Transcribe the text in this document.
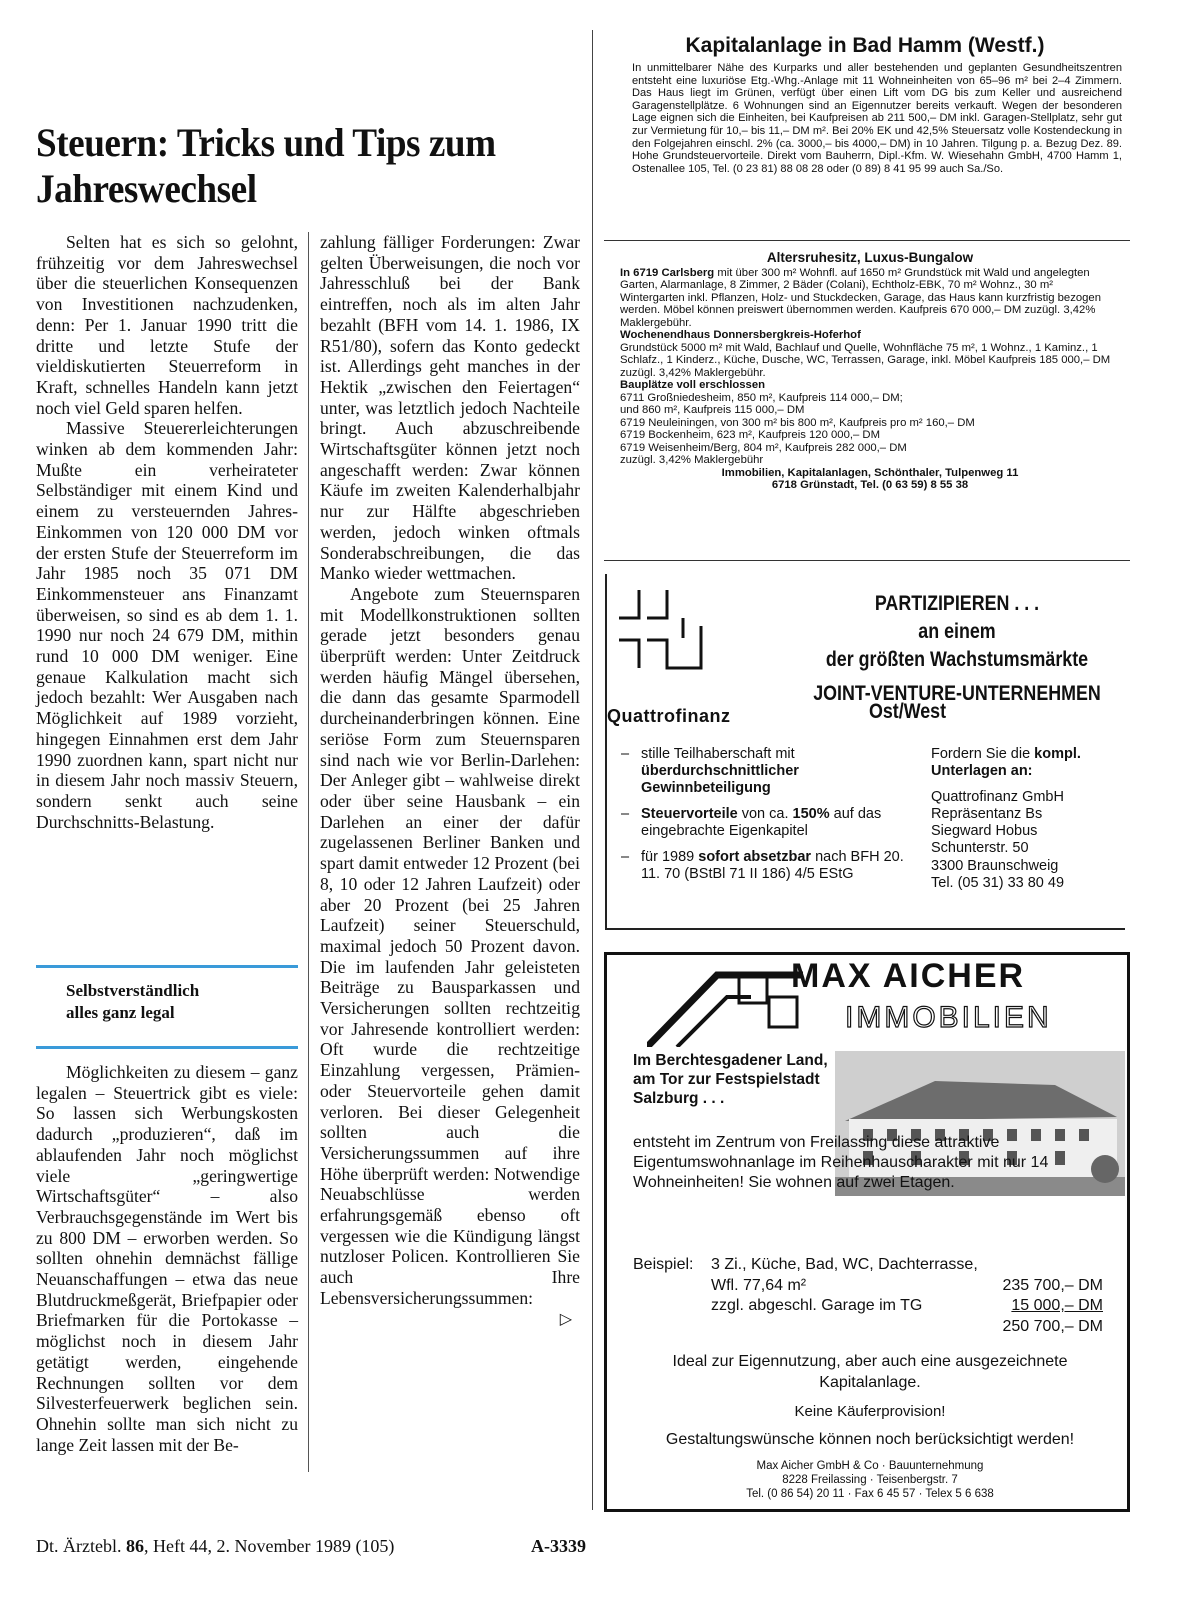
Steuern: Tricks und Tips zum Jahreswechsel

Selten hat es sich so gelohnt, frühzeitig vor dem Jahreswechsel über die steuerlichen Konsequenzen von Investitionen nachzudenken, denn: Per 1. Januar 1990 tritt die dritte und letzte Stufe der vieldiskutierten Steuerreform in Kraft, schnelles Handeln kann jetzt noch viel Geld sparen helfen.

Massive Steuererleichterungen winken ab dem kommenden Jahr: Mußte ein verheirateter Selbständiger mit einem Kind und einem zu versteuernden Jahres-Einkommen von 120 000 DM vor der ersten Stufe der Steuerreform im Jahr 1985 noch 35 071 DM Einkommensteuer ans Finanzamt überweisen, so sind es ab dem 1. 1. 1990 nur noch 24 679 DM, mithin rund 10 000 DM weniger. Eine genaue Kalkulation macht sich jedoch bezahlt: Wer Ausgaben nach Möglichkeit auf 1989 vorzieht, hingegen Einnahmen erst dem Jahr 1990 zuordnen kann, spart nicht nur in diesem Jahr noch massiv Steuern, sondern senkt auch seine Durchschnitts-Belastung.

Selbstverständlich
alles ganz legal

Möglichkeiten zu diesem – ganz legalen – Steuertrick gibt es viele: So lassen sich Werbungskosten dadurch „produzieren“, daß im ablaufenden Jahr noch möglichst viele „geringwertige Wirtschaftsgüter“ – also Verbrauchsgegenstände im Wert bis zu 800 DM – erworben werden. So sollten ohnehin demnächst fällige Neuanschaffungen – etwa das neue Blutdruckmeßgerät, Briefpapier oder Briefmarken für die Portokasse – möglichst noch in diesem Jahr getätigt werden, eingehende Rechnungen sollten vor dem Silvesterfeuerwerk beglichen sein. Ohnehin sollte man sich nicht zu lange Zeit lassen mit der Be-

zahlung fälliger Forderungen: Zwar gelten Überweisungen, die noch vor Jahresschluß bei der Bank eintreffen, noch als im alten Jahr bezahlt (BFH vom 14. 1. 1986, IX R51/80), sofern das Konto gedeckt ist. Allerdings geht manches in der Hektik „zwischen den Feiertagen“ unter, was letztlich jedoch Nachteile bringt. Auch abzuschreibende Wirtschaftsgüter können jetzt noch angeschafft werden: Zwar können Käufe im zweiten Kalenderhalbjahr nur zur Hälfte abgeschrieben werden, jedoch winken oftmals Sonderabschreibungen, die das Manko wieder wettmachen.

Angebote zum Steuernsparen mit Modellkonstruktionen sollten gerade jetzt besonders genau überprüft werden: Unter Zeitdruck werden häufig Mängel übersehen, die dann das gesamte Sparmodell durcheinanderbringen können. Eine seriöse Form zum Steuernsparen sind nach wie vor Berlin-Darlehen: Der Anleger gibt – wahlweise direkt oder über seine Hausbank – ein Darlehen an einer der dafür zugelassenen Berliner Banken und spart damit entweder 12 Prozent (bei 8, 10 oder 12 Jahren Laufzeit) oder aber 20 Prozent (bei 25 Jahren Laufzeit) seiner Steuerschuld, maximal jedoch 50 Prozent davon. Die im laufenden Jahr geleisteten Beiträge zu Bausparkassen und Versicherungen sollten rechtzeitig vor Jahresende kontrolliert werden: Oft wurde die rechtzeitige Einzahlung vergessen, Prämien- oder Steuervorteile gehen damit verloren. Bei dieser Gelegenheit sollten auch die Versicherungssummen auf ihre Höhe überprüft werden: Notwendige Neuabschlüsse werden erfahrungsgemäß ebenso oft vergessen wie die Kündigung längst nutzloser Policen. Kontrollieren Sie auch Ihre Lebensversicherungssummen:

▷
Dt. Ärztebl. 86, Heft 44, 2. November 1989 (105)	A-3339
Kapitalanlage in Bad Hamm (Westf.)
In unmittelbarer Nähe des Kurparks und aller bestehenden und geplanten Gesundheitszentren entsteht eine luxuriöse Etg.-Whg.-Anlage mit 11 Wohneinheiten von 65–96 m² bei 2–4 Zimmern. Das Haus liegt im Grünen, verfügt über einen Lift vom DG bis zum Keller und ausreichend Garagenstellplätze. 6 Wohnungen sind an Eigennutzer bereits verkauft. Wegen der besonderen Lage eignen sich die Einheiten, bei Kaufpreisen ab 211 500,– DM inkl. Garagen-Stellplatz, sehr gut zur Vermietung für 10,– bis 11,– DM m². Bei 20% EK und 42,5% Steuersatz volle Kostendeckung in den Folgejahren einschl. 2% (ca. 3000,– bis 4000,– DM) in 10 Jahren. Tilgung p. a. Bezug Dez. 89. Hohe Grundsteuervorteile. Direkt vom Bauherrn, Dipl.-Kfm. W. Wiesehahn GmbH, 4700 Hamm 1, Ostenallee 105, Tel. (0 23 81) 88 08 28 oder (0 89) 8 41 95 99 auch Sa./So.
Altersruhesitz, Luxus-Bungalow
In 6719 Carlsberg mit über 300 m² Wohnfl. auf 1650 m² Grundstück mit Wald und angelegten Garten, Alarmanlage, 8 Zimmer, 2 Bäder (Colani), Echtholz-EBK, 70 m² Wohnz., 30 m² Wintergarten inkl. Pflanzen, Holz- und Stuckdecken, Garage, das Haus kann kurzfristig bezogen werden. Möbel können preiswert übernommen werden. Kaufpreis 670 000,– DM zuzügl. 3,42% Maklergebühr.
Wochenendhaus Donnersbergkreis-Hoferhof
Grundstück 5000 m² mit Wald, Bachlauf und Quelle, Wohnfläche 75 m², 1 Wohnz., 1 Kaminz., 1 Schlafz., 1 Kinderz., Küche, Dusche, WC, Terrassen, Garage, inkl. Möbel Kaufpreis 185 000,– DM zuzügl. 3,42% Maklergebühr.
Bauplätze voll erschlossen
6711 Großniedesheim, 850 m², Kaufpreis 114 000,– DM;
und 860 m², Kaufpreis 115 000,– DM
6719 Neuleiningen, von 300 m² bis 800 m², Kaufpreis pro m² 160,– DM
6719 Bockenheim, 623 m², Kaufpreis 120 000,– DM
6719 Weisenheim/Berg, 804 m², Kaufpreis 282 000,– DM
zuzügl. 3,42% Maklergebühr
Immobilien, Kapitalanlagen, Schönthaler, Tulpenweg 11
6718 Grünstadt, Tel. (0 63 59) 8 55 38
Quattrofinanz
PARTIZIPIEREN . . .
an einem
der größten Wachstumsmärkte
JOINT-VENTURE-UNTERNEHMEN
Ost/West
– stille Teilhaberschaft mit überdurchschnittlicher Gewinnbeteiligung
– Steuervorteile von ca. 150% auf das eingebrachte Eigenkapitel
– für 1989 sofort absetzbar nach BFH 20. 11. 70 (BStBl 71 II 186) 4/5 EStG
Fordern Sie die kompl. Unterlagen an:
Quattrofinanz GmbH
Repräsentanz Bs
Siegward Hobus
Schunterstr. 50
3300 Braunschweig
Tel. (05 31) 33 80 49
MAX AICHER
IMMOBILIEN
Im Berchtesgadener Land, am Tor zur Festspielstadt Salzburg . . .
entsteht im Zentrum von Freilassing diese attraktive Eigentumswohnanlage im Reihenhauscharakter mit nur 14 Wohneinheiten! Sie wohnen auf zwei Etagen.
Beispiel:	3 Zi., Küche, Bad, WC, Dachterrasse,
Wfl. 77,64 m²	235 700,– DM
zzgl. abgeschl. Garage im TG	15 000,– DM
250 700,– DM
Ideal zur Eigennutzung, aber auch eine ausgezeichnete Kapitalanlage.
Keine Käuferprovision!
Gestaltungswünsche können noch berücksichtigt werden!
Max Aicher GmbH & Co · Bauunternehmung
8228 Freilassing · Teisenbergstr. 7
Tel. (0 86 54) 20 11 · Fax 6 45 57 · Telex 5 6 638
